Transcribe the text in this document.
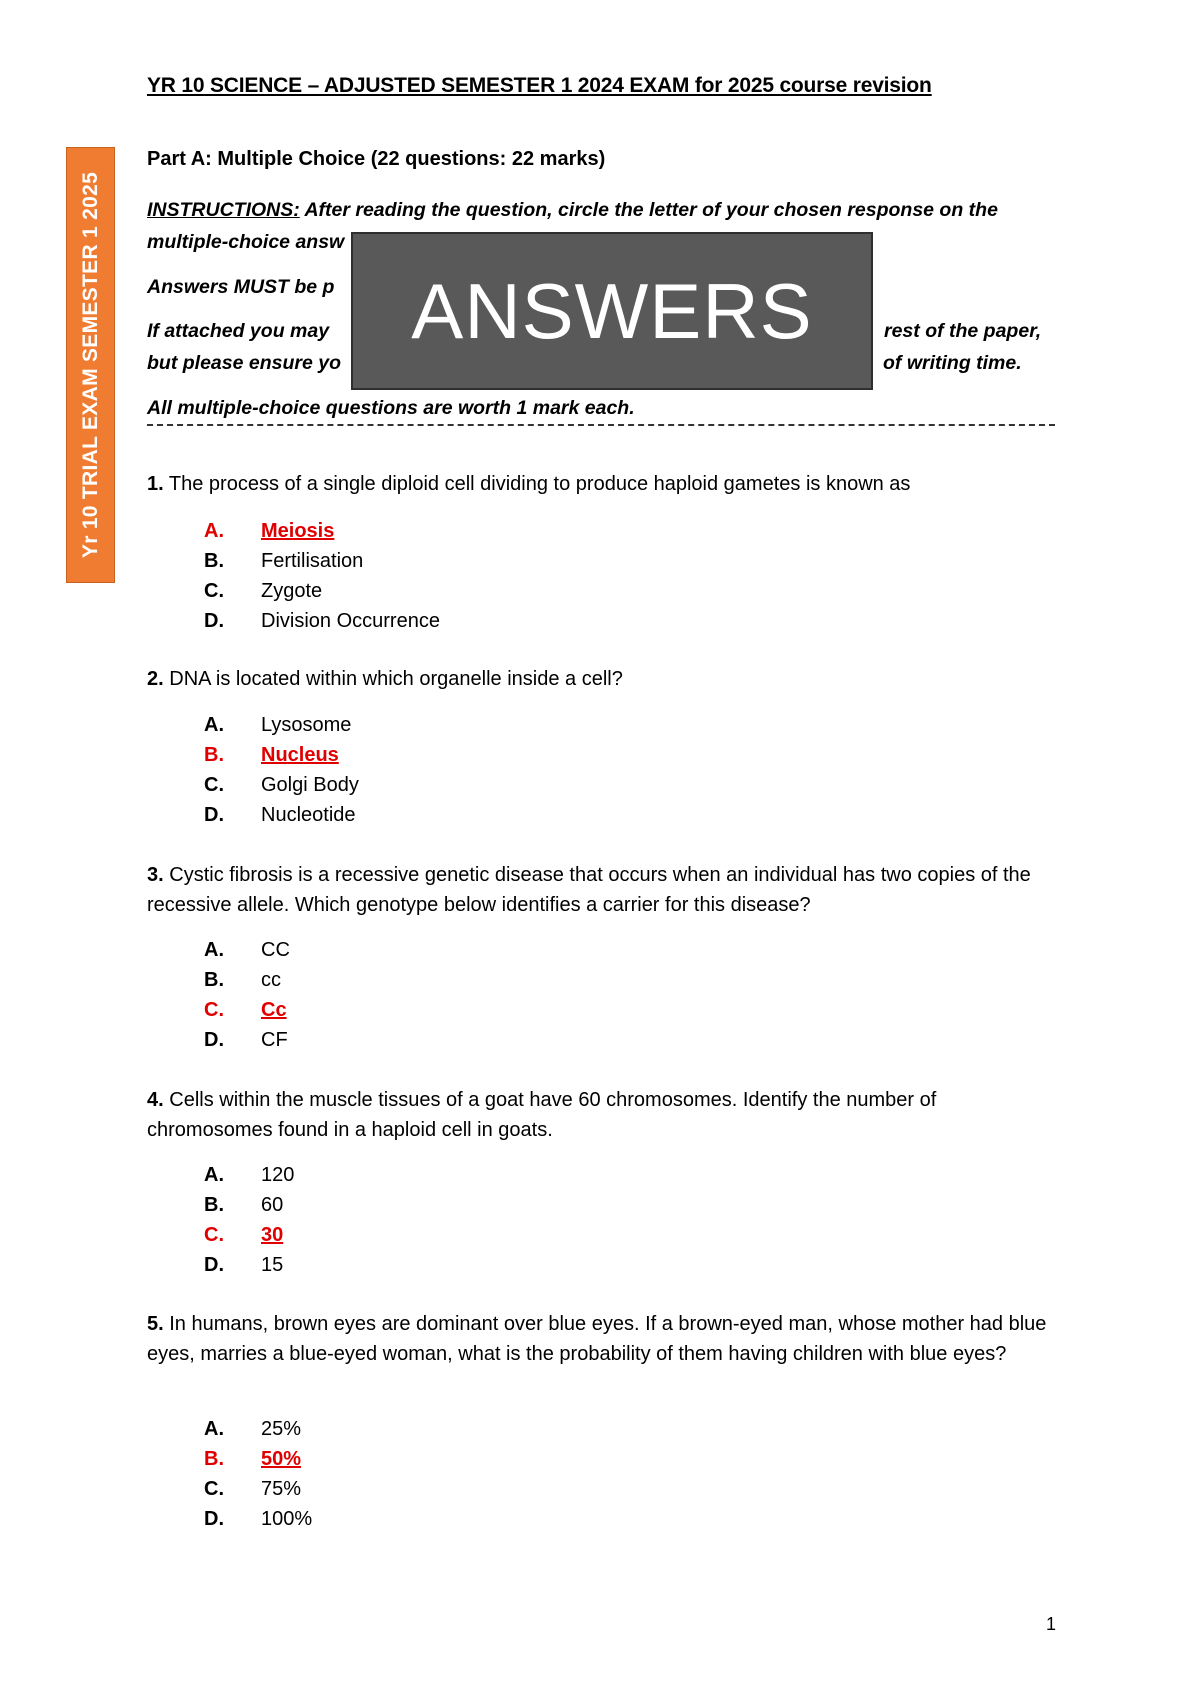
YR 10 SCIENCE – ADJUSTED SEMESTER 1 2024 EXAM for 2025 course revision
Yr 10 TRIAL EXAM SEMESTER 1 2025
Part A: Multiple Choice (22 questions: 22 marks)
INSTRUCTIONS: After reading the question, circle the letter of your chosen response on the multiple-choice answ
Answers MUST be p
If attached you may	rest of the paper,
but please ensure yo	of writing time.
All multiple-choice questions are worth 1 mark each.
ANSWERS
1. The process of a single diploid cell dividing to produce haploid gametes is known as
A. Meiosis
B. Fertilisation
C. Zygote
D. Division Occurrence
2. DNA is located within which organelle inside a cell?
A. Lysosome
B. Nucleus
C. Golgi Body
D. Nucleotide
3. Cystic fibrosis is a recessive genetic disease that occurs when an individual has two copies of the recessive allele. Which genotype below identifies a carrier for this disease?
A. CC
B. cc
C. Cc
D. CF
4. Cells within the muscle tissues of a goat have 60 chromosomes. Identify the number of chromosomes found in a haploid cell in goats.
A. 120
B. 60
C. 30
D. 15
5. In humans, brown eyes are dominant over blue eyes. If a brown-eyed man, whose mother had blue eyes, marries a blue-eyed woman, what is the probability of them having children with blue eyes?
A. 25%
B. 50%
C. 75%
D. 100%
1
